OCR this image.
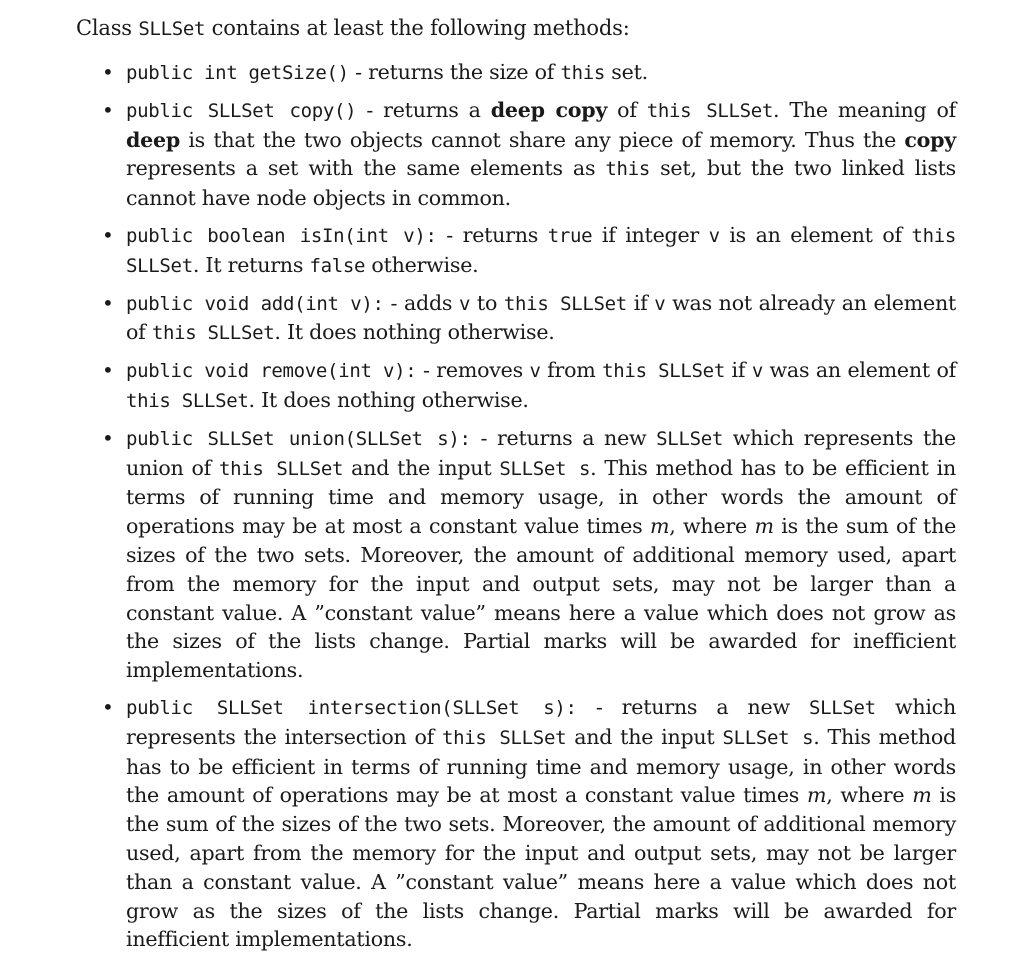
Class SLLSet contains at least the following methods:

• public int getSize() - returns the size of this set.
• public SLLSet copy() - returns a deep copy of this SLLSet. The meaning of deep is that the two objects cannot share any piece of memory. Thus the copy represents a set with the same elements as this set, but the two linked lists cannot have node objects in common.
• public boolean isIn(int v): - returns true if integer v is an element of this SLLSet. It returns false otherwise.
• public void add(int v): - adds v to this SLLSet if v was not already an element of this SLLSet. It does nothing otherwise.
• public void remove(int v): - removes v from this SLLSet if v was an element of this SLLSet. It does nothing otherwise.
• public SLLSet union(SLLSet s): - returns a new SLLSet which represents the union of this SLLSet and the input SLLSet s. This method has to be efficient in terms of running time and memory usage, in other words the amount of operations may be at most a constant value times m, where m is the sum of the sizes of the two sets. Moreover, the amount of additional memory used, apart from the memory for the input and output sets, may not be larger than a constant value. A ”constant value” means here a value which does not grow as the sizes of the lists change. Partial marks will be awarded for inefficient implementations.
• public SLLSet intersection(SLLSet s): - returns a new SLLSet which represents the intersection of this SLLSet and the input SLLSet s. This method has to be efficient in terms of running time and memory usage, in other words the amount of operations may be at most a constant value times m, where m is the sum of the sizes of the two sets. Moreover, the amount of additional memory used, apart from the memory for the input and output sets, may not be larger than a constant value. A ”constant value” means here a value which does not grow as the sizes of the lists change. Partial marks will be awarded for inefficient implementations.
